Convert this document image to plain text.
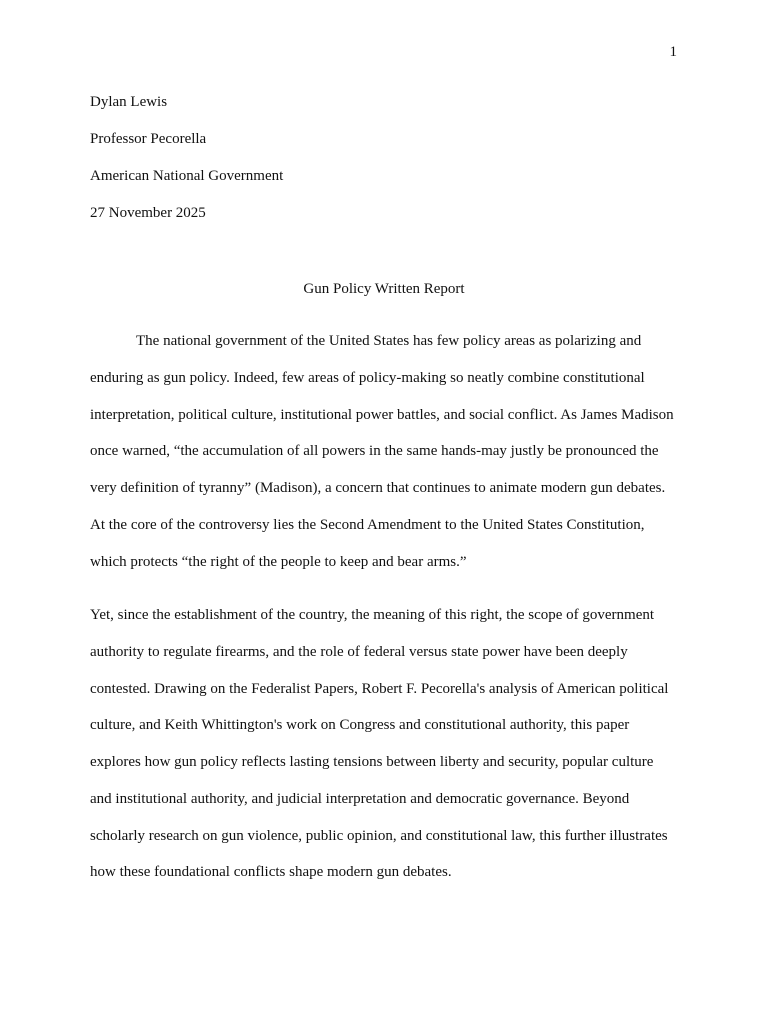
1
Dylan Lewis
Professor Pecorella
American National Government
27 November 2025
Gun Policy Written Report

The national government of the United States has few policy areas as polarizing and
enduring as gun policy. Indeed, few areas of policy-making so neatly combine constitutional
interpretation, political culture, institutional power battles, and social conflict. As James Madison
once warned, “the accumulation of all powers in the same hands-may justly be pronounced the
very definition of tyranny” (Madison), a concern that continues to animate modern gun debates.
At the core of the controversy lies the Second Amendment to the United States Constitution,
which protects “the right of the people to keep and bear arms.”

Yet, since the establishment of the country, the meaning of this right, the scope of government
authority to regulate firearms, and the role of federal versus state power have been deeply
contested. Drawing on the Federalist Papers, Robert F. Pecorella's analysis of American political
culture, and Keith Whittington's work on Congress and constitutional authority, this paper
explores how gun policy reflects lasting tensions between liberty and security, popular culture
and institutional authority, and judicial interpretation and democratic governance. Beyond
scholarly research on gun violence, public opinion, and constitutional law, this further illustrates
how these foundational conflicts shape modern gun debates.
